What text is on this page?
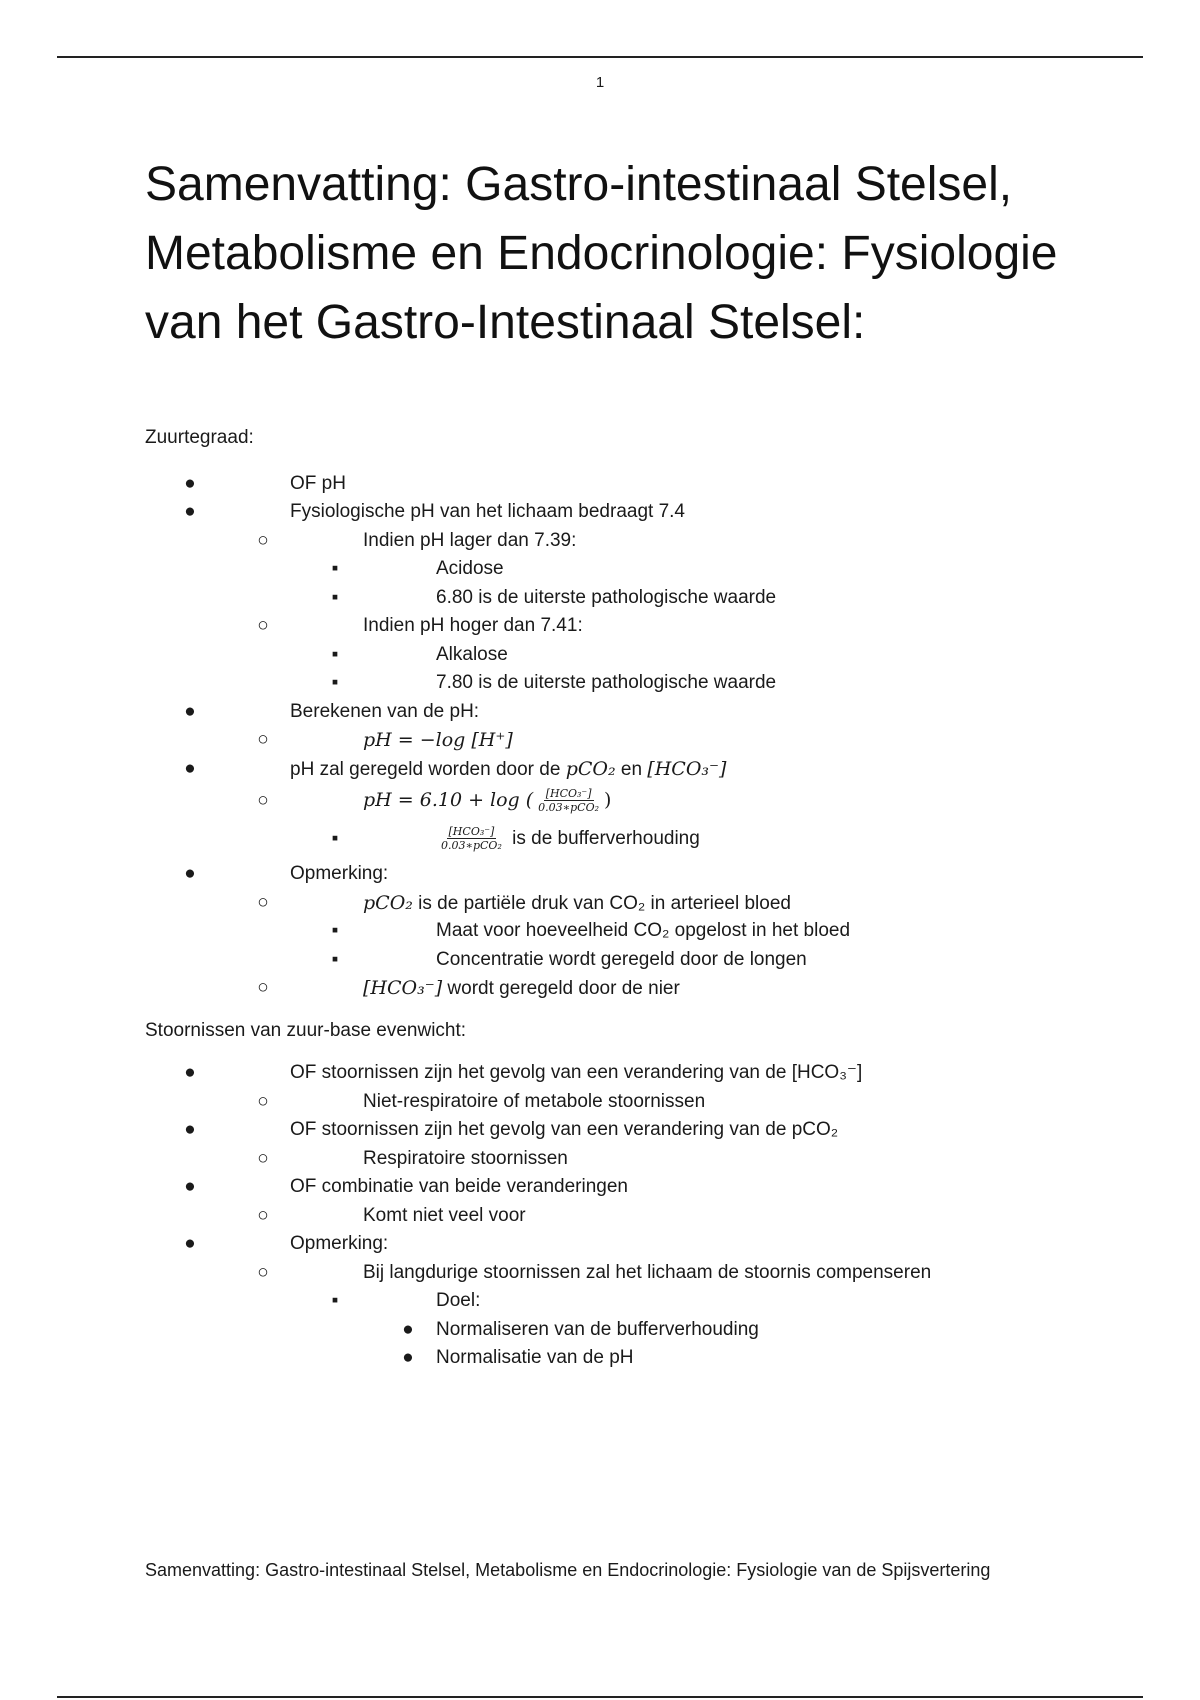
1
Samenvatting: Gastro-intestinaal Stelsel, Metabolisme en Endocrinologie: Fysiologie van het Gastro-Intestinaal Stelsel:
Zuurtegraad:
●	OF pH
●	Fysiologische pH van het lichaam bedraagt 7.4
○	Indien pH lager dan 7.39:
▪	Acidose
▪	6.80 is de uiterste pathologische waarde
○	Indien pH hoger dan 7.41:
▪	Alkalose
▪	7.80 is de uiterste pathologische waarde
●	Berekenen van de pH:
○	pH = −log [H⁺]
●	pH zal geregeld worden door de pCO₂ en [HCO₃⁻]
○	pH = 6.10 + log ( $\frac{\text{[HCO₃⁻]}}{\text{0.03∗pCO₂}}$ )
▪	$\frac{\text{[HCO₃⁻]}}{\text{0.03∗pCO₂}}$ is de bufferverhouding
●	Opmerking:
○	pCO₂ is de partiële druk van CO₂ in arterieel bloed
▪	Maat voor hoeveelheid CO₂ opgelost in het bloed
▪	Concentratie wordt geregeld door de longen
○	[HCO₃⁻] wordt geregeld door de nier
Stoornissen van zuur-base evenwicht:
●	OF stoornissen zijn het gevolg van een verandering van de [HCO₃⁻]
○	Niet-respiratoire of metabole stoornissen
●	OF stoornissen zijn het gevolg van een verandering van de pCO₂
○	Respiratoire stoornissen
●	OF combinatie van beide veranderingen
○	Komt niet veel voor
●	Opmerking:
○	Bij langdurige stoornissen zal het lichaam de stoornis compenseren
▪	Doel:
● Normaliseren van de bufferverhouding
● Normalisatie van de pH
Samenvatting: Gastro-intestinaal Stelsel, Metabolisme en Endocrinologie: Fysiologie van de Spijsvertering
